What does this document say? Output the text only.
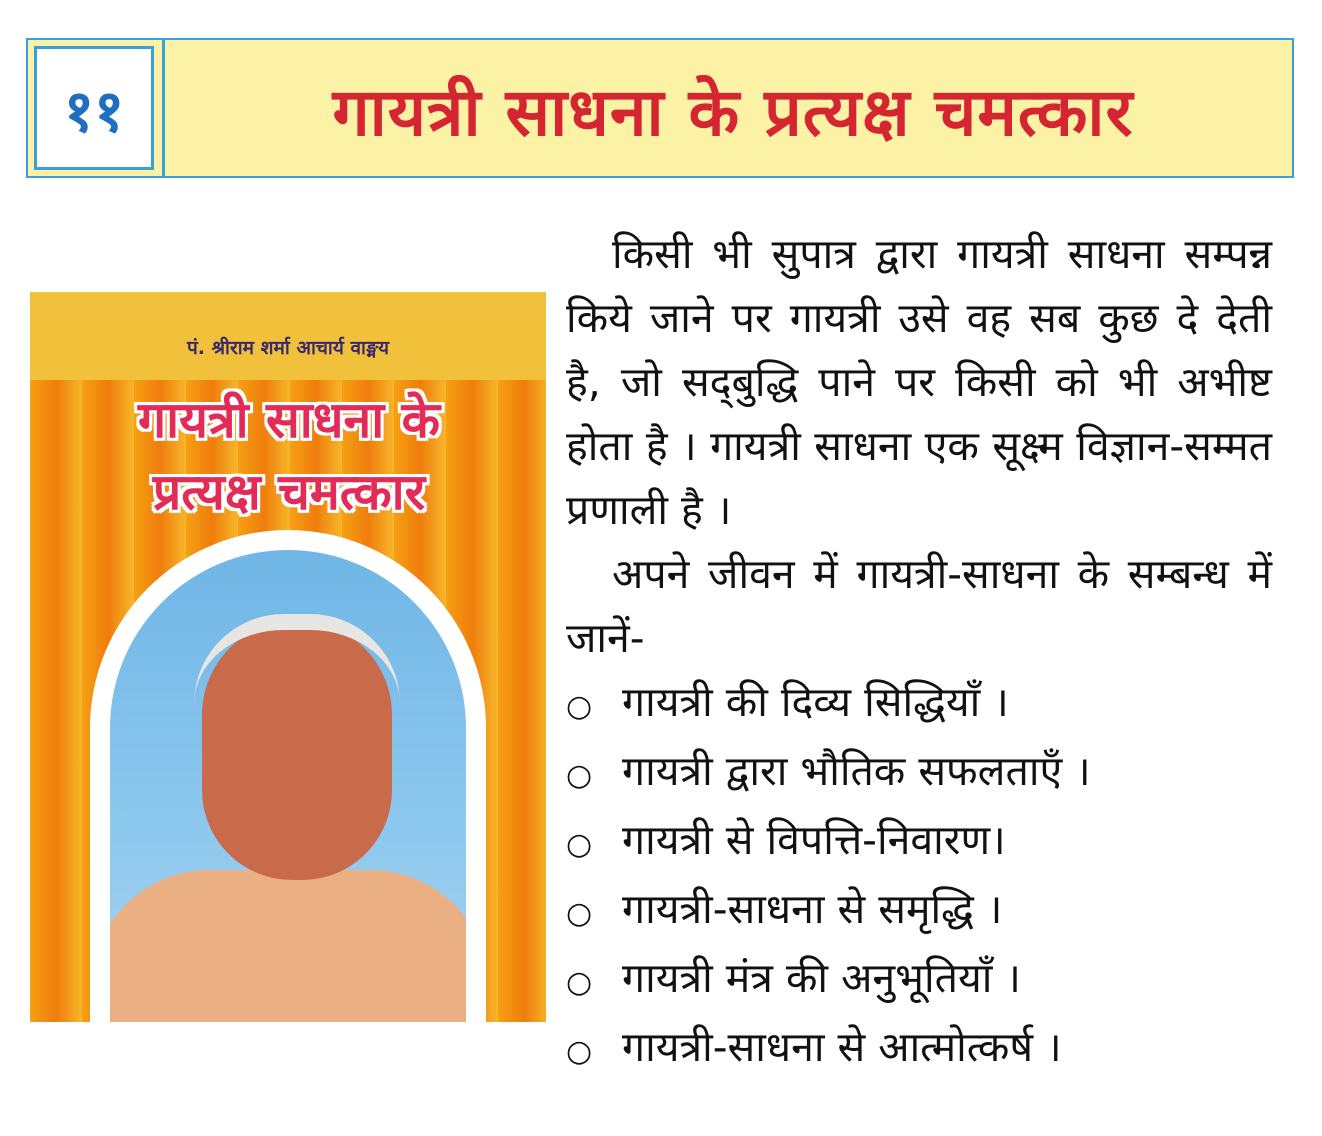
११	गायत्री साधना के प्रत्यक्ष चमत्कार
पं. श्रीराम शर्मा आचार्य वाङ्मय
गायत्री साधना के
प्रत्यक्ष चमत्कार

किसी भी सुपात्र द्वारा गायत्री साधना सम्पन्न किये जाने पर गायत्री उसे वह सब कुछ दे देती है, जो सद्‍बुद्धि पाने पर किसी को भी अभीष्ट होता है । गायत्री साधना एक सूक्ष्म विज्ञान-सम्मत प्रणाली है ।

अपने जीवन में गायत्री-साधना के सम्बन्ध में जानें-

○ गायत्री की दिव्य सिद्धियाँ ।
○ गायत्री द्वारा भौतिक सफलताएँ ।
○ गायत्री से विपत्ति-निवारण।
○ गायत्री-साधना से समृद्धि ।
○ गायत्री मंत्र की अनुभूतियाँ ।
○ गायत्री-साधना से आत्मोत्कर्ष ।
